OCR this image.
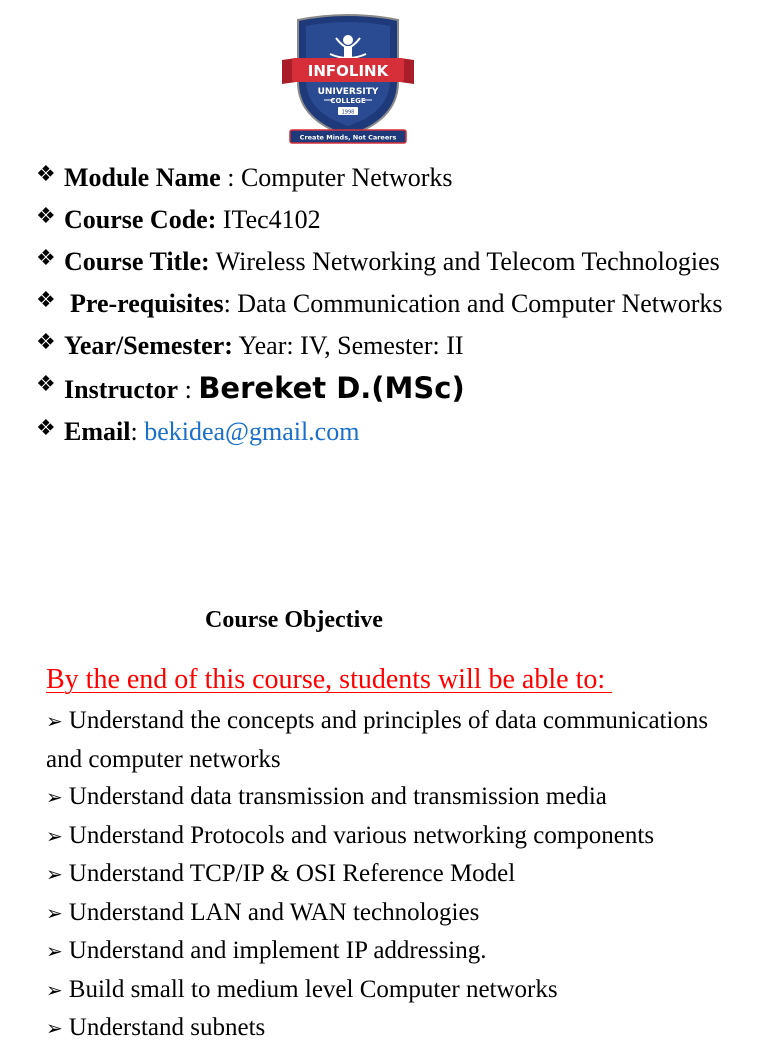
INFOLINK
UNIVERSITY
COLLEGE
1998
Create Minds, Not Careers
❖ Module Name : Computer Networks
❖ Course Code: ITec4102
❖ Course Title: Wireless Networking and Telecom Technologies
❖ Pre-requisites: Data Communication and Computer Networks
❖ Year/Semester: Year: IV, Semester: II
❖ Instructor : Bereket D.(MSc)
❖ Email: bekidea@gmail.com
Course Objective
By the end of this course, students will be able to:
➢ Understand the concepts and principles of data communications and computer networks
➢ Understand data transmission and transmission media
➢ Understand Protocols and various networking components
➢ Understand TCP/IP & OSI Reference Model
➢ Understand LAN and WAN technologies
➢ Understand and implement IP addressing.
➢ Build small to medium level Computer networks
➢ Understand subnets
